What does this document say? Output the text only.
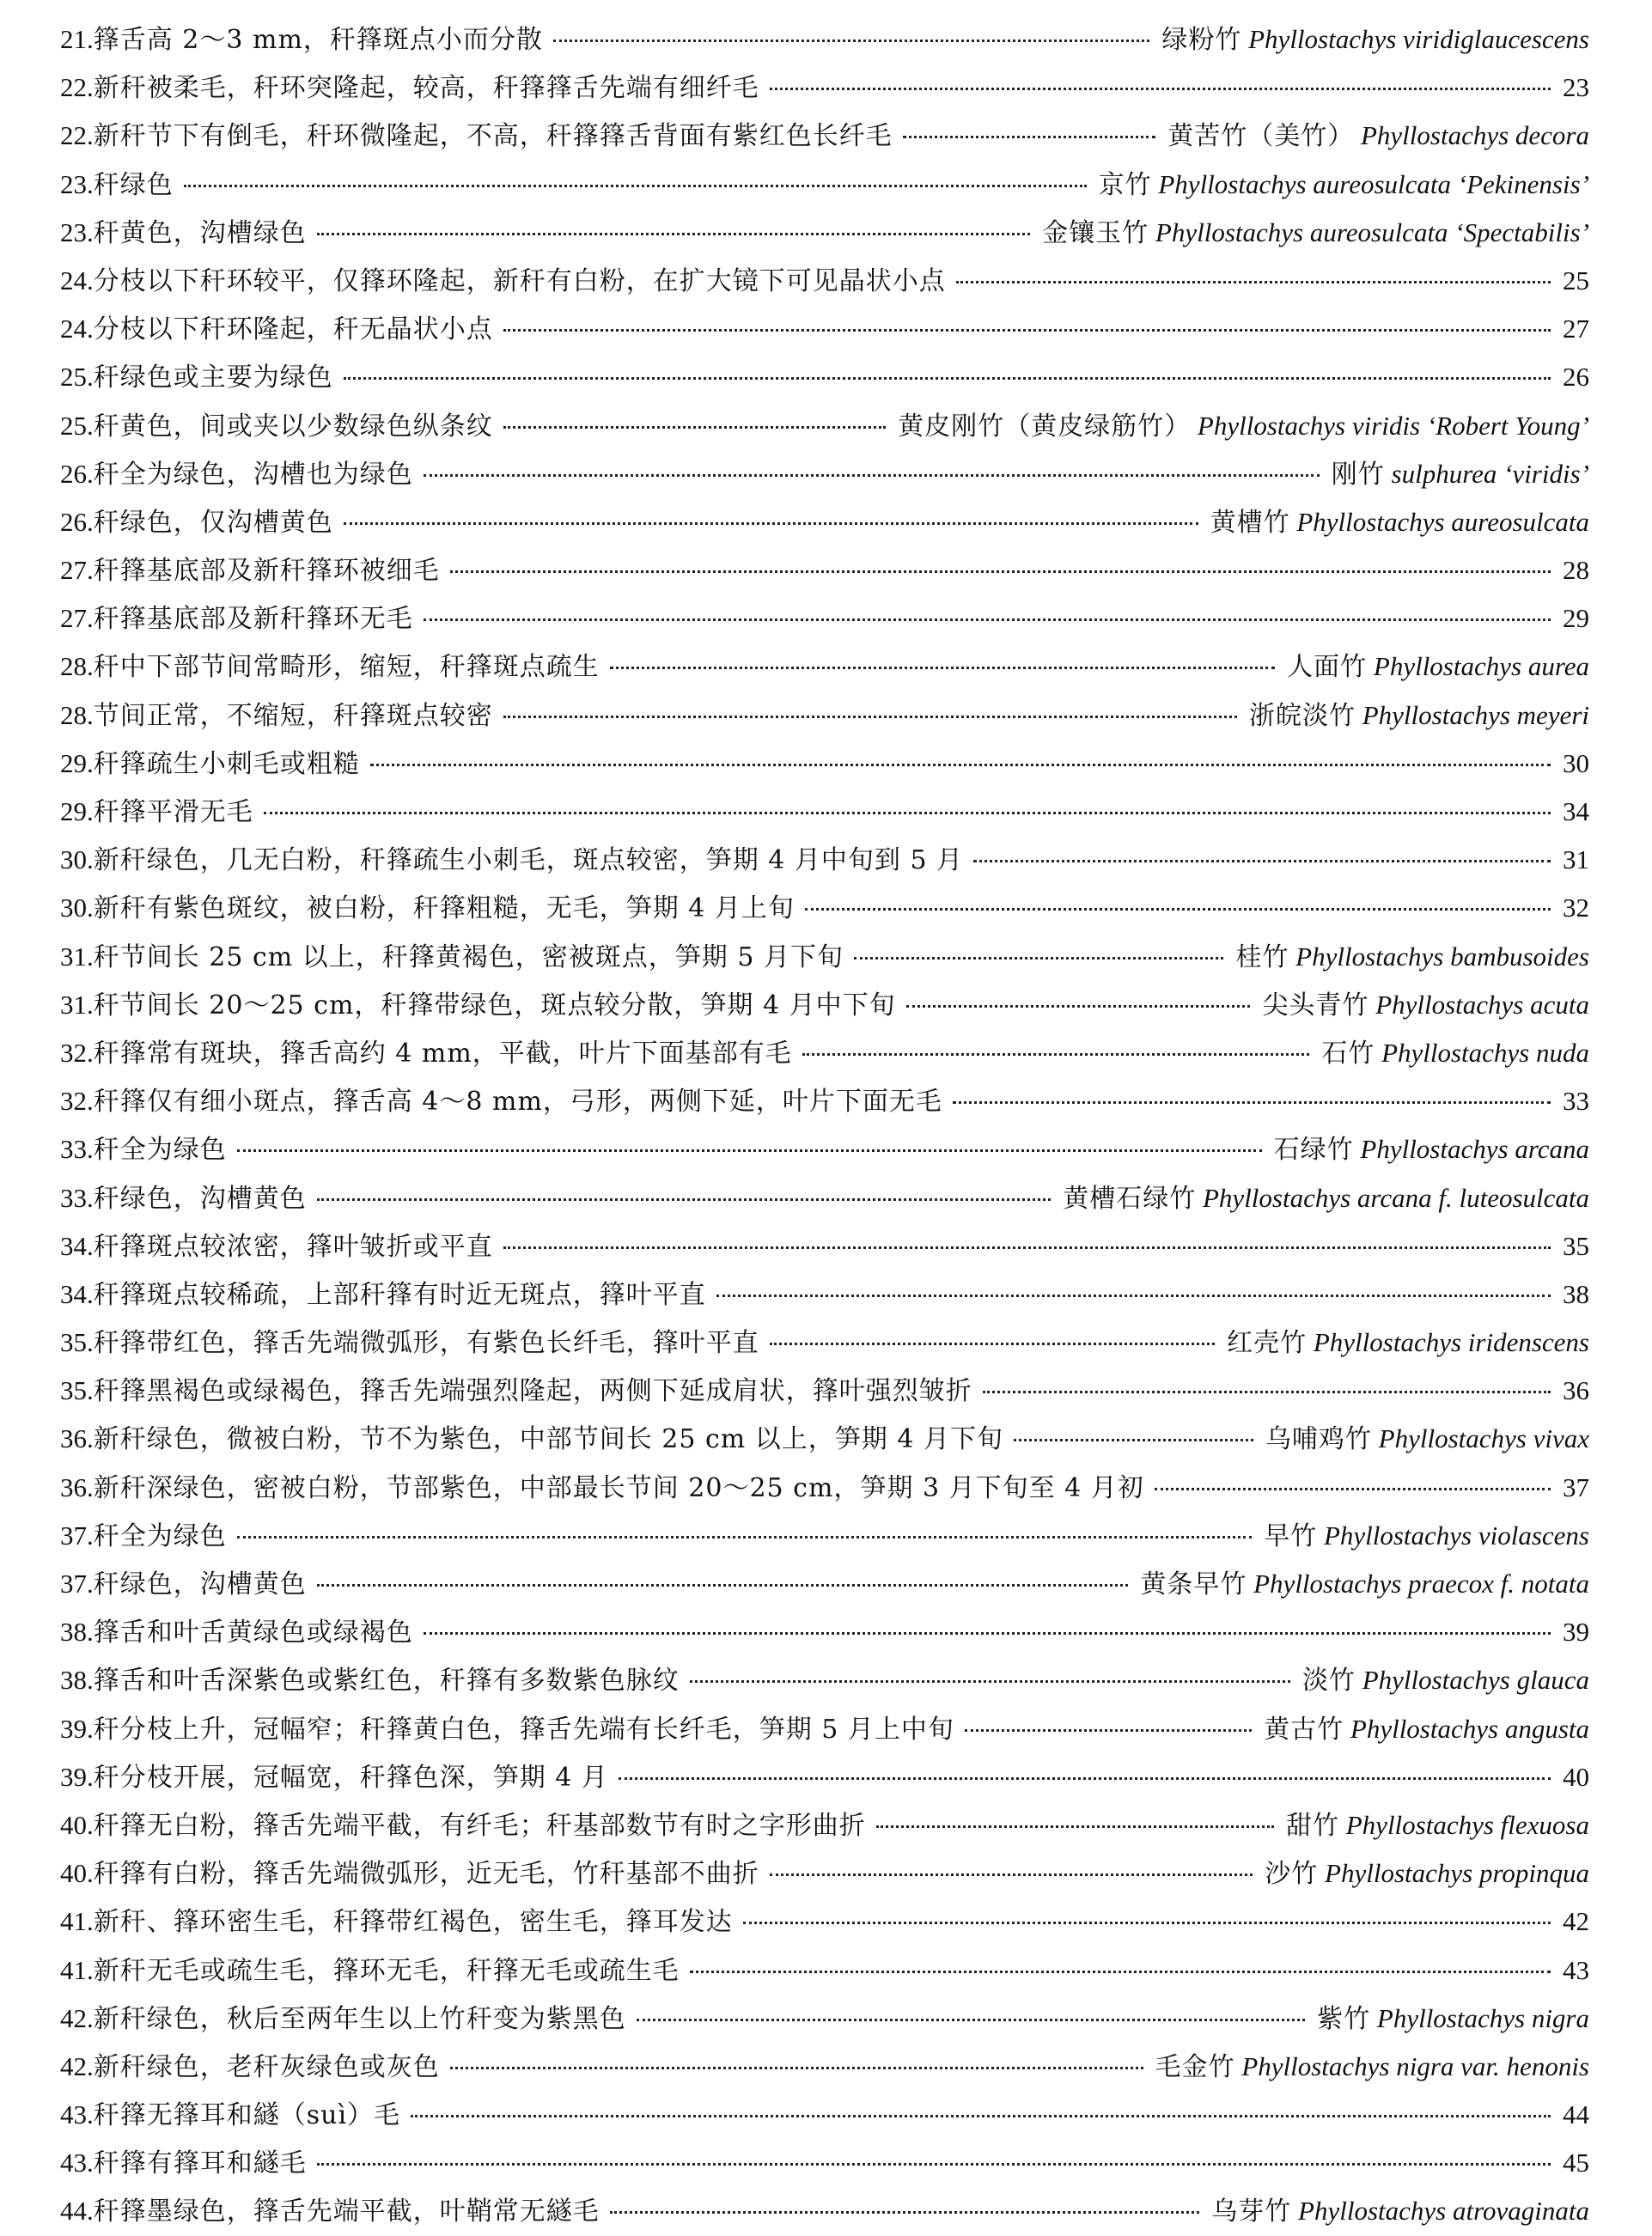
21. 箨舌高 2～3 mm，秆箨斑点小而分散	绿粉竹 Phyllostachys viridiglaucescens
22. 新秆被柔毛，秆环突隆起，较高，秆箨箨舌先端有细纤毛	23
22. 新秆节下有倒毛，秆环微隆起，不高，秆箨箨舌背面有紫红色长纤毛	黄苦竹（美竹） Phyllostachys decora
23. 秆绿色	京竹 Phyllostachys aureosulcata ‘Pekinensis’
23. 秆黄色，沟槽绿色	金镶玉竹 Phyllostachys aureosulcata ‘Spectabilis’
24. 分枝以下秆环较平，仅箨环隆起，新秆有白粉，在扩大镜下可见晶状小点	25
24. 分枝以下秆环隆起，秆无晶状小点	27
25. 秆绿色或主要为绿色	26
25. 秆黄色，间或夹以少数绿色纵条纹	黄皮刚竹（黄皮绿筋竹） Phyllostachys viridis ‘Robert Young’
26. 秆全为绿色，沟槽也为绿色	刚竹 sulphurea ‘viridis’
26. 秆绿色，仅沟槽黄色	黄槽竹 Phyllostachys aureosulcata
27. 秆箨基底部及新秆箨环被细毛	28
27. 秆箨基底部及新秆箨环无毛	29
28. 秆中下部节间常畸形，缩短，秆箨斑点疏生	人面竹 Phyllostachys aurea
28. 节间正常，不缩短，秆箨斑点较密	浙皖淡竹 Phyllostachys meyeri
29. 秆箨疏生小刺毛或粗糙	30
29. 秆箨平滑无毛	34
30. 新秆绿色，几无白粉，秆箨疏生小刺毛，斑点较密，笋期 4 月中旬到 5 月	31
30. 新秆有紫色斑纹，被白粉，秆箨粗糙，无毛，笋期 4 月上旬	32
31. 秆节间长 25 cm 以上，秆箨黄褐色，密被斑点，笋期 5 月下旬	桂竹 Phyllostachys bambusoides
31. 秆节间长 20～25 cm，秆箨带绿色，斑点较分散，笋期 4 月中下旬	尖头青竹 Phyllostachys acuta
32. 秆箨常有斑块，箨舌高约 4 mm，平截，叶片下面基部有毛	石竹 Phyllostachys nuda
32. 秆箨仅有细小斑点，箨舌高 4～8 mm，弓形，两侧下延，叶片下面无毛	33
33. 秆全为绿色	石绿竹 Phyllostachys arcana
33. 秆绿色，沟槽黄色	黄槽石绿竹 Phyllostachys arcana f. luteosulcata
34. 秆箨斑点较浓密，箨叶皱折或平直	35
34. 秆箨斑点较稀疏，上部秆箨有时近无斑点，箨叶平直	38
35. 秆箨带红色，箨舌先端微弧形，有紫色长纤毛，箨叶平直	红壳竹 Phyllostachys iridenscens
35. 秆箨黑褐色或绿褐色，箨舌先端强烈隆起，两侧下延成肩状，箨叶强烈皱折	36
36. 新秆绿色，微被白粉，节不为紫色，中部节间长 25 cm 以上，笋期 4 月下旬	乌哺鸡竹 Phyllostachys vivax
36. 新秆深绿色，密被白粉，节部紫色，中部最长节间 20～25 cm，笋期 3 月下旬至 4 月初	37
37. 秆全为绿色	早竹 Phyllostachys violascens
37. 秆绿色，沟槽黄色	黄条早竹 Phyllostachys praecox f. notata
38. 箨舌和叶舌黄绿色或绿褐色	39
38. 箨舌和叶舌深紫色或紫红色，秆箨有多数紫色脉纹	淡竹 Phyllostachys glauca
39. 秆分枝上升，冠幅窄；秆箨黄白色，箨舌先端有长纤毛，笋期 5 月上中旬	黄古竹 Phyllostachys angusta
39. 秆分枝开展，冠幅宽，秆箨色深，笋期 4 月	40
40. 秆箨无白粉，箨舌先端平截，有纤毛；秆基部数节有时之字形曲折	甜竹 Phyllostachys flexuosa
40. 秆箨有白粉，箨舌先端微弧形，近无毛，竹秆基部不曲折	沙竹 Phyllostachys propinqua
41. 新秆、箨环密生毛，秆箨带红褐色，密生毛，箨耳发达	42
41. 新秆无毛或疏生毛，箨环无毛，秆箨无毛或疏生毛	43
42. 新秆绿色，秋后至两年生以上竹秆变为紫黑色	紫竹 Phyllostachys nigra
42. 新秆绿色，老秆灰绿色或灰色	毛金竹 Phyllostachys nigra var. henonis
43. 秆箨无箨耳和繸（suì）毛	44
43. 秆箨有箨耳和繸毛	45
44. 秆箨墨绿色，箨舌先端平截，叶鞘常无繸毛	乌芽竹 Phyllostachys atrovaginata
